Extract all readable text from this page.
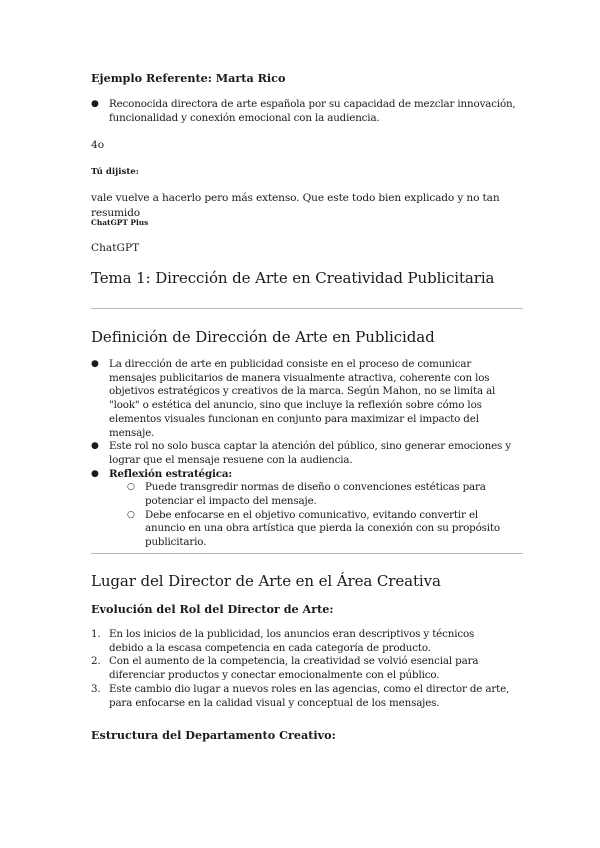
Ejemplo Referente: Marta Rico

● Reconocida directora de arte española por su capacidad de mezclar innovación, funcionalidad y conexión emocional con la audiencia.

4o

Tú dijiste:

vale vuelve a hacerlo pero más extenso. Que este todo bien explicado y no tan resumido

ChatGPT Plus

ChatGPT

Tema 1: Dirección de Arte en Creatividad Publicitaria
Definición de Dirección de Arte en Publicidad
● La dirección de arte en publicidad consiste en el proceso de comunicar mensajes publicitarios de manera visualmente atractiva, coherente con los objetivos estratégicos y creativos de la marca. Según Mahon, no se limita al "look" o estética del anuncio, sino que incluye la reflexión sobre cómo los elementos visuales funcionan en conjunto para maximizar el impacto del mensaje.
● Este rol no solo busca captar la atención del público, sino generar emociones y lograr que el mensaje resuene con la audiencia.
● Reflexión estratégica:
○ Puede transgredir normas de diseño o convenciones estéticas para potenciar el impacto del mensaje.
○ Debe enfocarse en el objetivo comunicativo, evitando convertir el anuncio en una obra artística que pierda la conexión con su propósito publicitario.
Lugar del Director de Arte en el Área Creativa

Evolución del Rol del Director de Arte:

1. En los inicios de la publicidad, los anuncios eran descriptivos y técnicos debido a la escasa competencia en cada categoría de producto.
2. Con el aumento de la competencia, la creatividad se volvió esencial para diferenciar productos y conectar emocionalmente con el público.
3. Este cambio dio lugar a nuevos roles en las agencias, como el director de arte, para enfocarse en la calidad visual y conceptual de los mensajes.

Estructura del Departamento Creativo:
